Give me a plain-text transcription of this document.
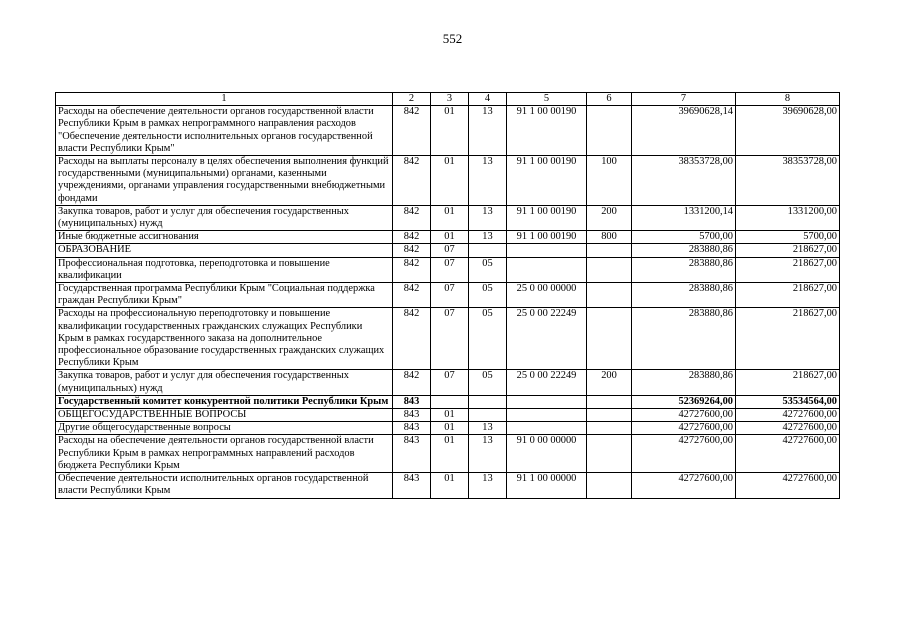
552
1	2	3	4	5	6	7	8
Расходы на обеспечение деятельности органов государственной власти Республики Крым в рамках непрограммного направления расходов "Обеспечение деятельности исполнительных органов государственной власти Республики Крым"	842	01	13	91 1 00 00190		39690628,14	39690628,00
Расходы на выплаты персоналу в целях обеспечения выполнения функций государственными (муниципальными) органами, казенными учреждениями, органами управления государственными внебюджетными фондами	842	01	13	91 1 00 00190	100	38353728,00	38353728,00
Закупка товаров, работ и услуг для обеспечения государственных (муниципальных) нужд	842	01	13	91 1 00 00190	200	1331200,14	1331200,00
Иные бюджетные ассигнования	842	01	13	91 1 00 00190	800	5700,00	5700,00
ОБРАЗОВАНИЕ	842	07				283880,86	218627,00
Профессиональная подготовка, переподготовка и повышение квалификации	842	07	05			283880,86	218627,00
Государственная программа Республики Крым "Социальная поддержка граждан Республики Крым"	842	07	05	25 0 00 00000		283880,86	218627,00
Расходы на профессиональную переподготовку и повышение квалификации государственных гражданских служащих Республики Крым в рамках государственного заказа на дополнительное профессиональное образование государственных гражданских служащих Республики Крым	842	07	05	25 0 00 22249		283880,86	218627,00
Закупка товаров, работ и услуг для обеспечения государственных (муниципальных) нужд	842	07	05	25 0 00 22249	200	283880,86	218627,00
Государственный комитет конкурентной политики Республики Крым	843					52369264,00	53534564,00
ОБЩЕГОСУДАРСТВЕННЫЕ ВОПРОСЫ	843	01				42727600,00	42727600,00
Другие общегосударственные вопросы	843	01	13			42727600,00	42727600,00
Расходы на обеспечение деятельности органов государственной власти Республики Крым в рамках непрограммных направлений расходов бюджета Республики Крым	843	01	13	91 0 00 00000		42727600,00	42727600,00
Обеспечение деятельности исполнительных органов государственной власти Республики Крым	843	01	13	91 1 00 00000		42727600,00	42727600,00
